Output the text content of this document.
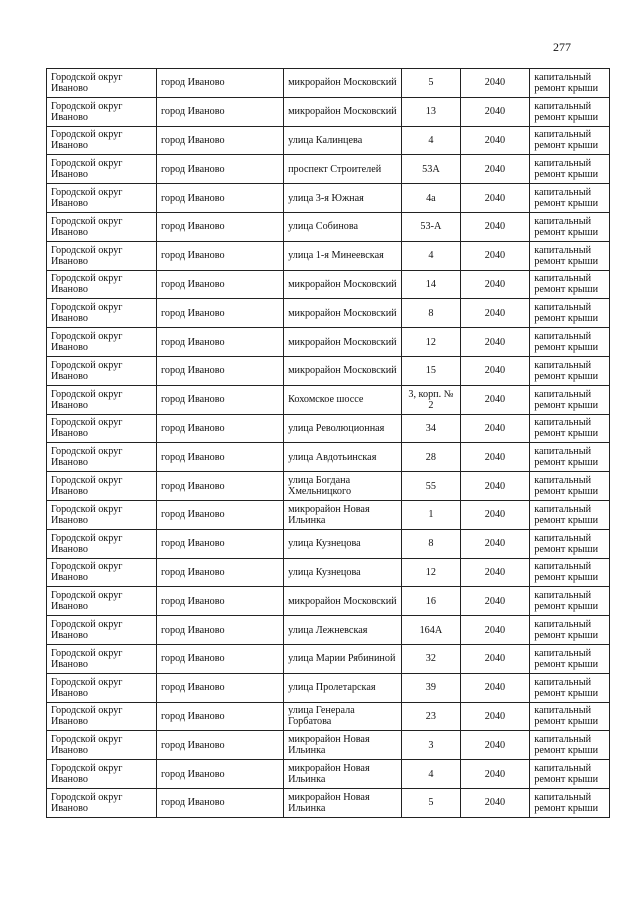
277
Городской округ Иваново	город Иваново	микрорайон Московский	5	2040	капитальный ремонт крыши
Городской округ Иваново	город Иваново	микрорайон Московский	13	2040	капитальный ремонт крыши
Городской округ Иваново	город Иваново	улица Калинцева	4	2040	капитальный ремонт крыши
Городской округ Иваново	город Иваново	проспект Строителей	53А	2040	капитальный ремонт крыши
Городской округ Иваново	город Иваново	улица 3-я Южная	4а	2040	капитальный ремонт крыши
Городской округ Иваново	город Иваново	улица Собинова	53-А	2040	капитальный ремонт крыши
Городской округ Иваново	город Иваново	улица 1-я Минеевская	4	2040	капитальный ремонт крыши
Городской округ Иваново	город Иваново	микрорайон Московский	14	2040	капитальный ремонт крыши
Городской округ Иваново	город Иваново	микрорайон Московский	8	2040	капитальный ремонт крыши
Городской округ Иваново	город Иваново	микрорайон Московский	12	2040	капитальный ремонт крыши
Городской округ Иваново	город Иваново	микрорайон Московский	15	2040	капитальный ремонт крыши
Городской округ Иваново	город Иваново	Кохомское шоссе	3, корп. № 2	2040	капитальный ремонт крыши
Городской округ Иваново	город Иваново	улица Революционная	34	2040	капитальный ремонт крыши
Городской округ Иваново	город Иваново	улица Авдотьинская	28	2040	капитальный ремонт крыши
Городской округ Иваново	город Иваново	улица Богдана Хмельницкого	55	2040	капитальный ремонт крыши
Городской округ Иваново	город Иваново	микрорайон Новая Ильинка	1	2040	капитальный ремонт крыши
Городской округ Иваново	город Иваново	улица Кузнецова	8	2040	капитальный ремонт крыши
Городской округ Иваново	город Иваново	улица Кузнецова	12	2040	капитальный ремонт крыши
Городской округ Иваново	город Иваново	микрорайон Московский	16	2040	капитальный ремонт крыши
Городской округ Иваново	город Иваново	улица Лежневская	164А	2040	капитальный ремонт крыши
Городской округ Иваново	город Иваново	улица Марии Рябининой	32	2040	капитальный ремонт крыши
Городской округ Иваново	город Иваново	улица Пролетарская	39	2040	капитальный ремонт крыши
Городской округ Иваново	город Иваново	улица Генерала Горбатова	23	2040	капитальный ремонт крыши
Городской округ Иваново	город Иваново	микрорайон Новая Ильинка	3	2040	капитальный ремонт крыши
Городской округ Иваново	город Иваново	микрорайон Новая Ильинка	4	2040	капитальный ремонт крыши
Городской округ Иваново	город Иваново	микрорайон Новая Ильинка	5	2040	капитальный ремонт крыши
